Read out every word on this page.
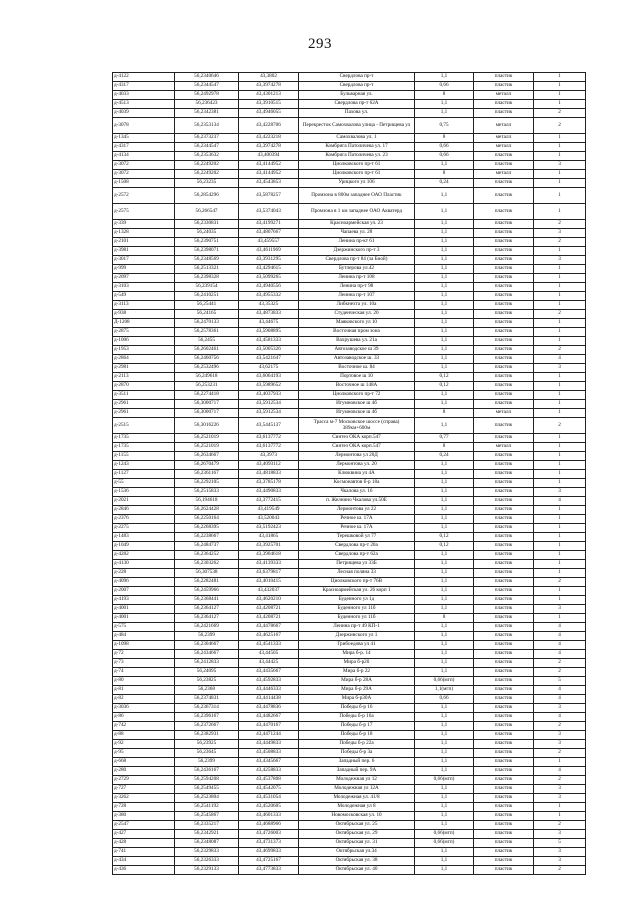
293
д-4122	56,2340646	43,3802	Свердлова пр-т	1,1	пластик	1
д-4317	56,2344547	43,3974278	Свердлова пр-т	0,66	пластик	1
д-4033	56,2492978	43,4301213	Бульварная ул.	8	металл	1
д-4513	56,236423	43,3910515	Свердлова пр-т 62А	1,1	пластик	1
д-4039	56,2342381	43,4946055	Пахова ул.	1,1	пластик	2
д-3078	56,2353134	43,4228706	Перекресток Самохвалова улица - Петрищева ул	0,75	металл	2
д-1345	56,2373237	43,4223218	Самохвалова ул. 1	8	металл	1
д-4317	56,2344547	43,3974278	Комбрига Патоличева ул. 17	0,66	металл	1
д-4134	56,2353632	43,400394	Комбрига Патоличева ул. 23	0,66	пластик	1
д-3072	56,2249202	43,4144952	Циолковского пр-т 61	1,1	пластик	3
д-3072	56,2249202	43,4144952	Циолковского пр-т 61	8	металл	1
д-1508	56,23235	43,4543853	Урицкого ул 106	0,24	пластик	1
д-2572	56,2854296	43,5878257	Промзона в 800м западнее ОАО Пластик	1,1	пластик	1
д-2575	56,266547	43,5374043	Промзона в 1 км западнее ОАО Акватерд	1,1	пластик	1
д-339	56,2330831	43,4199271	Красноармейская ул. 23	1,1	пластик	2
д-1328	56,24035	43,4807667	Чапаева ул. 28	1,1	пластик	3
д-2101	56,2390751	43,459557	Ленина пр-кт 61	1,1	пластик	2
д-3981	56,2398071	43,4611969	Дзержинского пр-т 3	1,1	пластик	1
д-3017	56,2348569	43,3931295	Свердлова пр-т 84 (за Биой)	1,1	пластик	3
д-999	56,2513321	43,4294615	Бутлерова ул.42	1,1	пластик	1
д-2097	56,2398328	43,5099265	Ленина пр-т 108	1,1	пластик	1
д-3103	56,239154	43,4940556	Ленина пр-т 98	1,1	пластик	1
д-549	56,2410251	43,4955332	Ленина пр-т 107	1,1	пластик	1
д-3113	56,25441	43,35325	Либкнехта ул. 10а	1,1	пластик	1
д-938	56,24165	43,4873833	Студенческая ул. 20	1,1	пластик	2
Д-1208	56,2470133	43,44675	Маяковского ул 10	1,1	пластик	1
д-2875	56,2578361	43,5908895	Восточная пром зона	1,1	пластик	1
д-1006	56,2455	43,4581333	Вахрушева ул. 21а	1,1	пластик	1
д-1953	56,2602461	43,5005326	Автозаводское ш 39	1,1	пластик	2
д-2864	56,2460756	43,5421647	Автозаводское ш. 33	1,1	пластик	4
д-2981	56,2532496	43,62175	Восточное ш. 84	1,1	пластик	3
д-2113	56,249618	43,6064193	Портовое ш 10	0,12	пластик	1
д-2870	56,253231	43,5989652	Восточное ш 148А	0,12	пластик	1
д-3511	56,2274418	43,4037933	Циолковского пр-т 72	1,1	пластик	1
д-2961	56,3000717	43,5912534	Игумновское ш 4б	1,1	пластик	1
д-2961	56,3000717	43,5912534	Игумновское ш 4б	8	металл	1
д-2515	56,3016226	43,5445137	Трасса м-7 Московское шоссе (справа) 389км+600м	1,1	пластик	2
д-1735	56,2521019	43,6137772	Синтез ОКА корп.547	0,77	пластик	1
д-1735	56,2521019	43,6137772	Синтез ОКА корп.547	8	металл	1
д-1155	56,2634667	43,3973	Лермонтова ул 20Д	0,24	пластик	1
д-1243	56,2670479	43,4093112	Лермонтова ул. 20	1,1	пластик	1
д-1127	56,2361167	43,4818833	Клюквина ул 4А	1,1	пластик	1
д-55	56,2292105	43,3785178	Космонавтов б-р 18а	1,1	пластик	1
д-1536	56,2515833	43,4490833	Чкалова ул. 16	1,1	пластик	3
д-2021	56,194618	43,3772415	п. Желнино Чкалова ул.50Е	1,1	пластик	4
д-2846	56,2624428	43,419549	Лермонтова ул 22	1,1	пластик	1
д-2376	56,2250164	43,520043	Речное ш. 17А	1,1	пластик	1
д-2275	56,2268395	43,5192423	Речное ш. 17А	1,1	пластик	1
д-1483	56,2238667	43,41865	Терешковой ул 77	0,12	пластик	1
д-1049	56,2484737	43,3925701	Свердлова пр-т 20а	0,12	пластик	1
д-4282	56,2364252	43,3904618	Свердлова пр-т 62а	1,1	пластик	1
д-4130	56,2303262	43,4139333	Петрищева ул 33Б	1,1	пластик	1
д-228	56,307538	43,6379817	Лесная поляна 33	1,1	пластик	1
д-4096	56,2282481	43,4010415	Циолковского пр-т 76В	1,1	пластик	2
д-2007	56,2459966	43,432037	Красноармейская ул. 26 корп 1	1,1	пластик	1
д-4193	56,2368441	43,4620210	Буденного ул 1д	1,1	пластик	1
д-4001	56,2364127	43,4208721	Буденного ул 11б	1,1	пластик	3
д-4001	56,2364127	43,4208721	Буденного ул 11б	8	пластик	1
д-575	56,2421669	43,4478667	Ленина пр-т 49 КП-1	1,1	пластик	4
д-484	56,2399	43,4625167	Дзержинского ул 1	1,1	пластик	4
д-1098	56,2304667	43,4541333	Грибоедова ул 41	1,1	пластик	4
д-72	56,2434667	43,44505	Мира б-р. 14	1,1	пластик	4
д-73	56,2412833	43,44425	Мира б-р20	1,1	пластик	2
д-74	56,24095	43,4435667	Мира б-р 22	1,1	пластик	2
д-80	56,23825	43,4592833	Мира б-р 28А	0,66(мгп)	пластик	5
д-81	56,2368	43,4446333	Мира б-р 29А	1,1(мгп)	пластик	4
д-82	56,2374831	43,4414438	Мира б-р30А	0,66	пластик	4
д-3036	56,2367314	43,4478836	Победы б-р 16	1,1	пластик	3
д-86	56,2396167	43,4482667	Победы б-р 16а	1,1	пластик	4
д-742	56,2372667	43,4470167	Победы б-р 17	1,1	пластик	2
д-88	56,2382931	43,4471244	Победы б-р 18	1,1	пластик	3
д-92	56,23925	43,4449833	Победы б-р 22а	1,1	пластик	3
д-95	56,23645	43,4508833	Победы б-р 3а	1,1	пластик	2
д-668	56,2399	43,4345667	Западный пер. 6	1,1	пластик	1
д-280	56,2436167	43,4258833	Западный пер. 9А	1,1	пластик	4
д-2729	56,2594208	43,4537808	Молодежная ул 12	0,66(мгп)	пластик	2
д-727	56,2549455	43,4542075	Молодежная ул 12А	1,1	пластик	3
д-3262	56,2523804	43,4531054	Молодежная ул. 41/8	1,1	пластик	3
д-728	56,2541192	43,4520605	Молодежная ул 8	1,1	пластик	1
д-380	56,2545867	43,4601333	Новомосковская ул. 10	1,1	пластик	1
д-2547	56,2335217	43,4688966	Октябрьская ул. 25	1,1	пластик	2
д-427	56,2342921	43,4726003	Октябрьская ул. 29	0,66(мгп)	пластик	3
д-428	56,2348087	43,4731373	Октябрьская ул. 31	0,66(мгп)	пластик	5
д-741	56,2329833	43,4699833	Октябрьская ул.34	1,1	пластик	3
д-434	56,2326333	43,4725167	Октябрьская ул. 38	1,1	пластик	3
д-436	56,2329133	43,4773833	Октябрьская ул. 40	1,1	пластик	2
